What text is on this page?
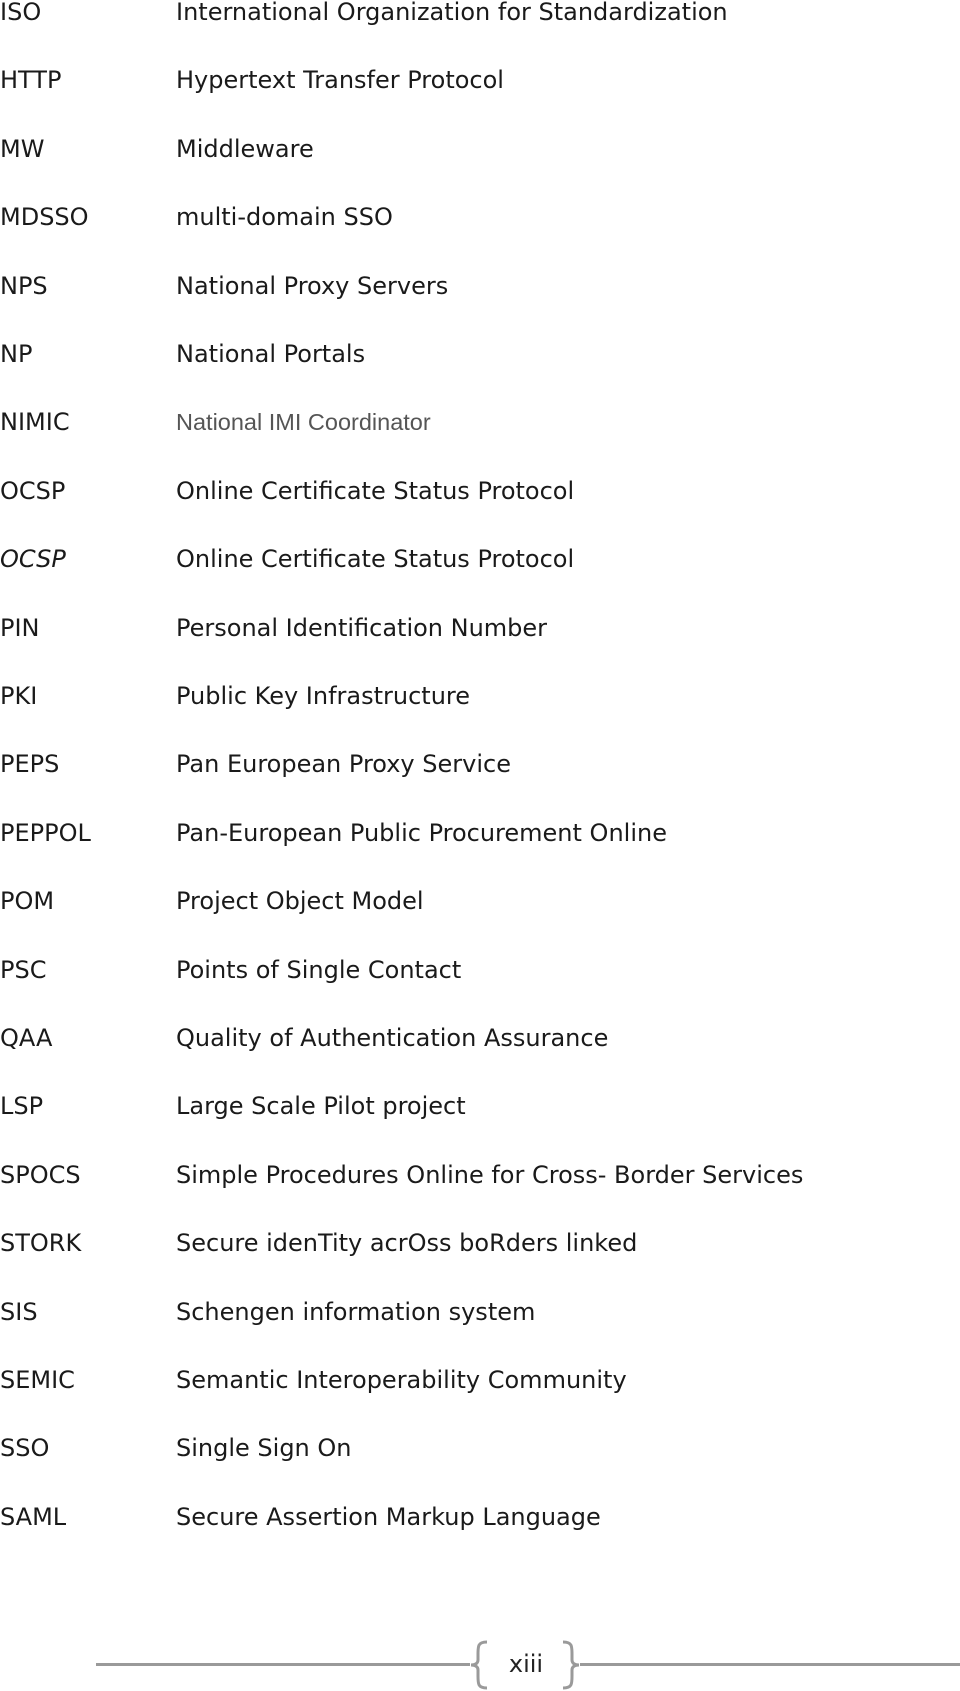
ISO	International Organization for Standardization
HTTP	Hypertext Transfer Protocol
MW	Middleware
MDSSO	multi-domain SSO
NPS	National Proxy Servers
NP	National Portals
NIMIC	National IMI Coordinator
OCSP	Online Certificate Status Protocol
OCSP	Online Certificate Status Protocol
PIN	Personal Identification Number
PKI	Public Key Infrastructure
PEPS	Pan European Proxy Service
PEPPOL	Pan-European Public Procurement Online
POM	Project Object Model
PSC	Points of Single Contact
QAA	Quality of Authentication Assurance
LSP	Large Scale Pilot project
SPOCS	Simple Procedures Online for Cross- Border Services
STORK	Secure idenTity acrOss boRders linked
SIS	Schengen information system
SEMIC	Semantic Interoperability Community
SSO	Single Sign On
SAML	Secure Assertion Markup Language
xiii
